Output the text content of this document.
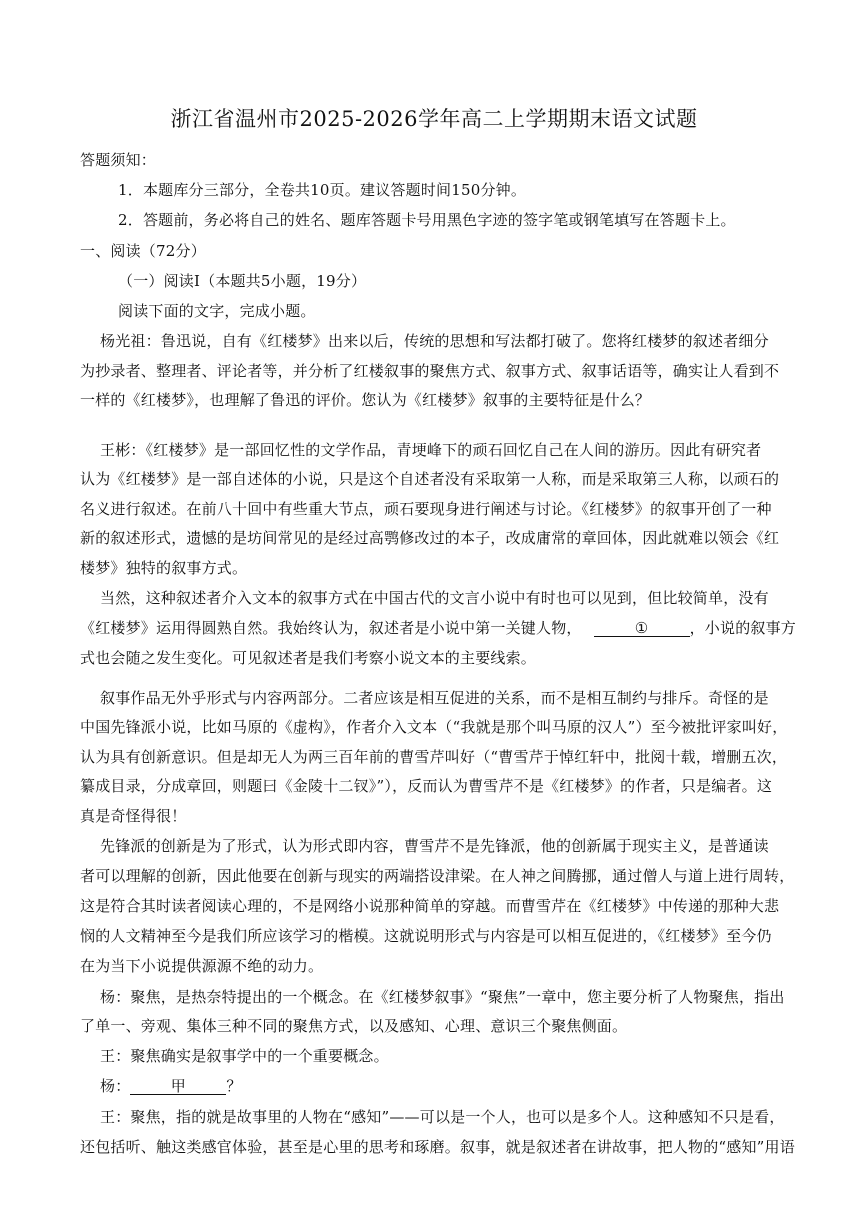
浙江省温州市2025-2026学年高二上学期期末语文试题
答题须知：
1．本题库分三部分，全卷共10页。建议答题时间150分钟。
2．答题前，务必将自己的姓名、题库答题卡号用黑色字迹的签字笔或钢笔填写在答题卡上。
一、阅读（72分）
（一）阅读Ⅰ（本题共5小题，19分）
阅读下面的文字，完成小题。
杨光祖：鲁迅说，自有《红楼梦》出来以后，传统的思想和写法都打破了。您将红楼梦的叙述者细分
为抄录者、整理者、评论者等，并分析了红楼叙事的聚焦方式、叙事方式、叙事话语等，确实让人看到不
一样的《红楼梦》，也理解了鲁迅的评价。您认为《红楼梦》叙事的主要特征是什么？
王彬：《红楼梦》是一部回忆性的文学作品，青埂峰下的顽石回忆自己在人间的游历。因此有研究者
认为《红楼梦》是一部自述体的小说，只是这个自述者没有采取第一人称，而是采取第三人称，以顽石的
名义进行叙述。在前八十回中有些重大节点，顽石要现身进行阐述与讨论。《红楼梦》的叙事开创了一种
新的叙述形式，遗憾的是坊间常见的是经过高鹗修改过的本子，改成庸常的章回体，因此就难以领会《红
楼梦》独特的叙事方式。
当然，这种叙述者介入文本的叙事方式在中国古代的文言小说中有时也可以见到，但比较简单，没有
《红楼梦》运用得圆熟自然。我始终认为，叙述者是小说中第一关键人物，	①	，小说的叙事方
式也会随之发生变化。可见叙述者是我们考察小说文本的主要线索。
叙事作品无外乎形式与内容两部分。二者应该是相互促进的关系，而不是相互制约与排斥。奇怪的是
中国先锋派小说，比如马原的《虚构》，作者介入文本（“我就是那个叫马原的汉人”）至今被批评家叫好，
认为具有创新意识。但是却无人为两三百年前的曹雪芹叫好（“曹雪芹于悼红轩中，批阅十载，增删五次，
纂成目录，分成章回，则题曰《金陵十二钗》”），反而认为曹雪芹不是《红楼梦》的作者，只是编者。这
真是奇怪得很！
先锋派的创新是为了形式，认为形式即内容，曹雪芹不是先锋派，他的创新属于现实主义，是普通读
者可以理解的创新，因此他要在创新与现实的两端搭设津梁。在人神之间腾挪，通过僧人与道上进行周转，
这是符合其时读者阅读心理的，不是网络小说那种简单的穿越。而曹雪芹在《红楼梦》中传递的那种大悲
悯的人文精神至今是我们所应该学习的楷模。这就说明形式与内容是可以相互促进的，《红楼梦》至今仍
在为当下小说提供源源不绝的动力。
杨：聚焦，是热奈特提出的一个概念。在《红楼梦叙事》“聚焦”一章中，您主要分析了人物聚焦，指出
了单一、旁观、集体三种不同的聚焦方式，以及感知、心理、意识三个聚焦侧面。
王：聚焦确实是叙事学中的一个重要概念。
杨：	甲	？
王：聚焦，指的就是故事里的人物在“感知”——可以是一个人，也可以是多个人。这种感知不只是看，
还包括听、触这类感官体验，甚至是心里的思考和琢磨。叙事，就是叙述者在讲故事，把人物的“感知”用语
